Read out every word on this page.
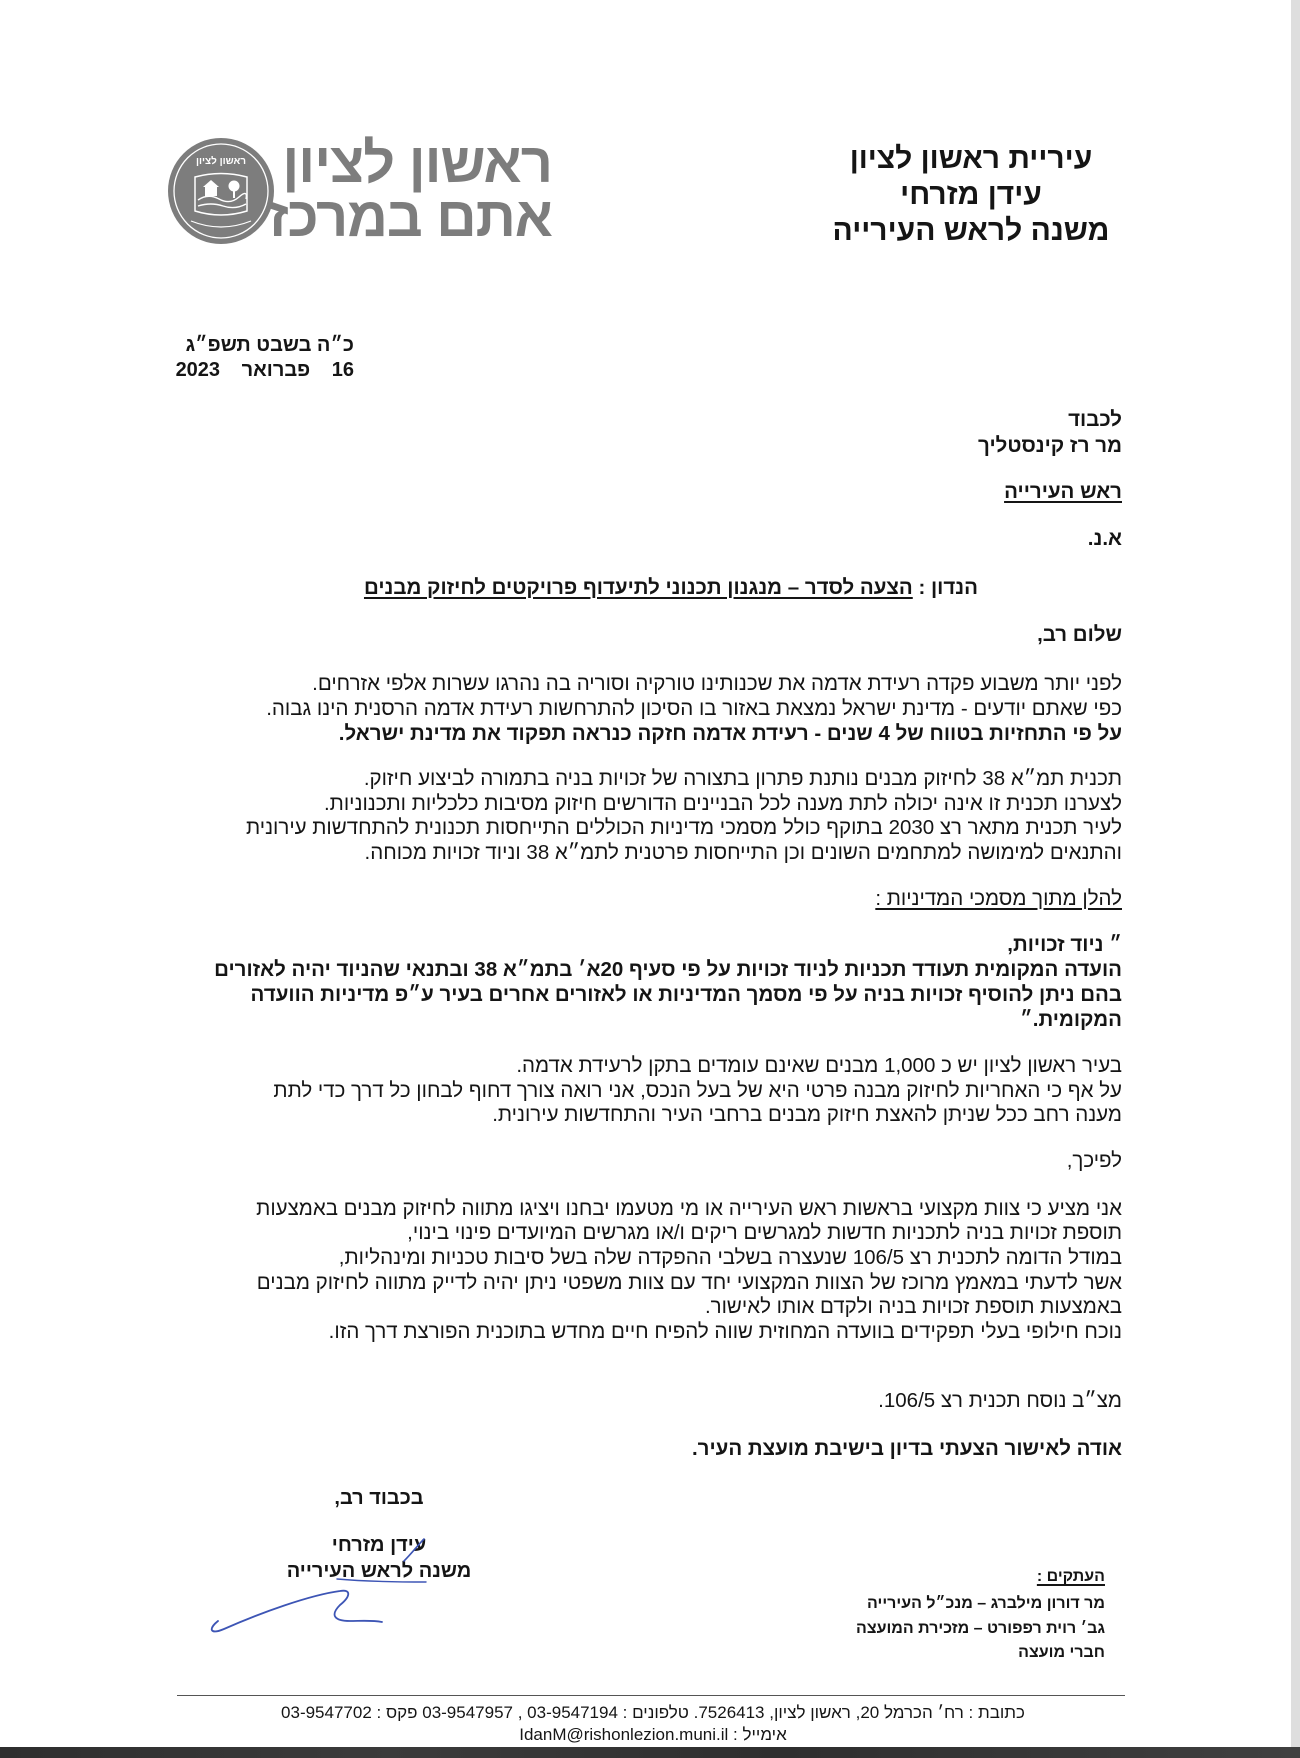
ראשון לציון
אתם במרכז
ראשון לציון	עיריית ראשון לציון
עידן מזרחי
משנה לראש העירייה
כ״ה בשבט תשפ״ג
16 פברואר 2023
לכבוד
מר רז קינסטליך
ראש העירייה
א.נ.
הנדון : הצעה לסדר – מנגנון תכנוני לתיעדוף פרויקטים לחיזוק מבנים
שלום רב,
לפני יותר משבוע פקדה רעידת אדמה את שכנותינו טורקיה וסוריה בה נהרגו עשרות אלפי אזרחים.
כפי שאתם יודעים - מדינת ישראל נמצאת באזור בו הסיכון להתרחשות רעידת אדמה הרסנית הינו גבוה.
על פי התחזיות בטווח של 4 שנים - רעידת אדמה חזקה כנראה תפקוד את מדינת ישראל.
תכנית תמ״א 38 לחיזוק מבנים נותנת פתרון בתצורה של זכויות בניה בתמורה לביצוע חיזוק.
לצערנו תכנית זו אינה יכולה לתת מענה לכל הבניינים הדורשים חיזוק מסיבות כלכליות ותכנוניות.
לעיר תכנית מתאר רצ 2030 בתוקף כולל מסמכי מדיניות הכוללים התייחסות תכנונית להתחדשות עירונית
והתנאים למימושה למתחמים השונים וכן התייחסות פרטנית לתמ״א 38 וניוד זכויות מכוחה.
להלן מתוך מסמכי המדיניות :
״ ניוד זכויות,
הועדה המקומית תעודד תכניות לניוד זכויות על פי סעיף 20א׳ בתמ״א 38 ובתנאי שהניוד יהיה לאזורים
בהם ניתן להוסיף זכויות בניה על פי מסמך המדיניות או לאזורים אחרים בעיר ע״פ מדיניות הוועדה
המקומית.״
בעיר ראשון לציון יש כ 1,000 מבנים שאינם עומדים בתקן לרעידת אדמה.
על אף כי האחריות לחיזוק מבנה פרטי היא של בעל הנכס, אני רואה צורך דחוף לבחון כל דרך כדי לתת
מענה רחב ככל שניתן להאצת חיזוק מבנים ברחבי העיר והתחדשות עירונית.
לפיכך,
אני מציע כי צוות מקצועי בראשות ראש העירייה או מי מטעמו יבחנו ויציגו מתווה לחיזוק מבנים באמצעות
תוספת זכויות בניה לתכניות חדשות למגרשים ריקים ו/או מגרשים המיועדים פינוי בינוי,
במודל הדומה לתכנית רצ 106/5 שנעצרה בשלבי ההפקדה שלה בשל סיבות טכניות ומינהליות,
אשר לדעתי במאמץ מרוכז של הצוות המקצועי יחד עם צוות משפטי ניתן יהיה לדייק מתווה לחיזוק מבנים
באמצעות תוספת זכויות בניה ולקדם אותו לאישור.
נוכח חילופי בעלי תפקידים בוועדה המחוזית שווה להפיח חיים מחדש בתוכנית הפורצת דרך הזו.
מצ״ב נוסח תכנית רצ 106/5.
אודה לאישור הצעתי בדיון בישיבת מועצת העיר.
בכבוד רב,
עידן מזרחי
משנה לראש העירייה	העתקים :
מר דורון מילברג – מנכ״ל העירייה
גב׳ רוית רפפורט – מזכירת המועצה
חברי מועצה
כתובת : רח׳ הכרמל 20, ראשון לציון, 7526413. טלפונים : 03-9547194 , 03-9547957 פקס : 03-9547702
אימייל : IdanM@rishonlezion.muni.il
